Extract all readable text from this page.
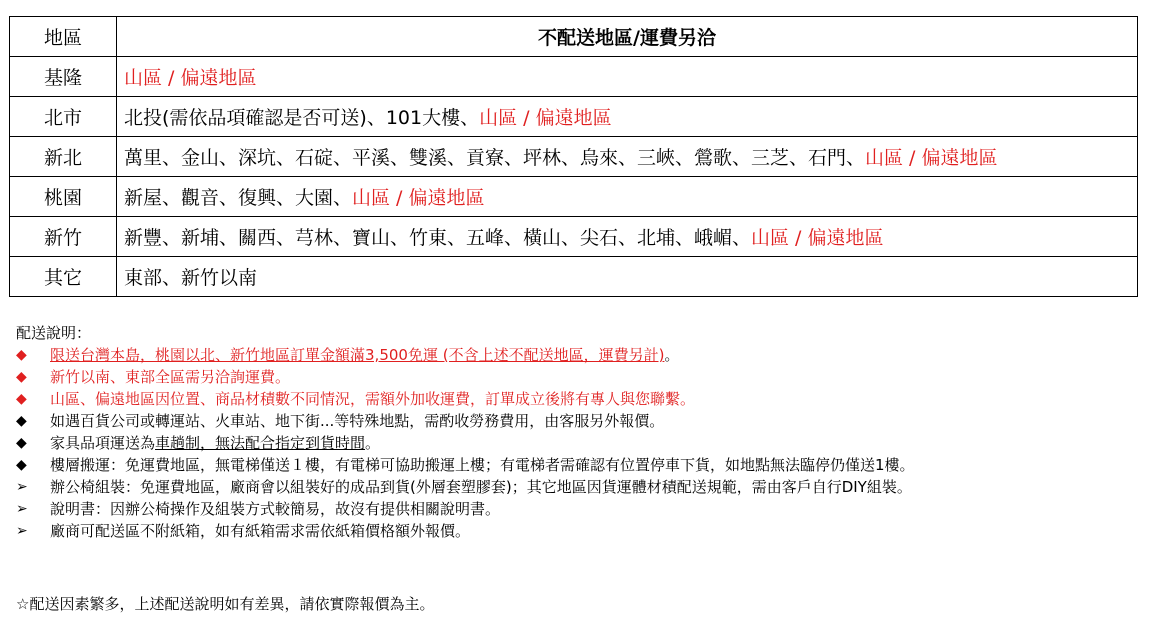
地區	不配送地區/運費另洽
基隆	山區 / 偏遠地區
北市	北投(需依品項確認是否可送)、101大樓、山區 / 偏遠地區
新北	萬里、金山、深坑、石碇、平溪、雙溪、貢寮、坪林、烏來、三峽、鶯歌、三芝、石門、山區 / 偏遠地區
桃園	新屋、觀音、復興、大園、山區 / 偏遠地區
新竹	新豐、新埔、關西、芎林、寶山、竹東、五峰、橫山、尖石、北埔、峨嵋、山區 / 偏遠地區
其它	東部、新竹以南
配送說明：
◆	限送台灣本島，桃園以北、新竹地區訂單金額滿3,500免運 (不含上述不配送地區，運費另計) 。
◆	新竹以南、東部全區需另洽詢運費。
◆	山區、偏遠地區因位置、商品材積數不同情況，需額外加收運費，訂單成立後將有專人與您聯繫。
◆	如遇百貨公司或轉運站、火車站、地下街...等特殊地點，需酌收勞務費用，由客服另外報價。
◆	家具品項運送為 車趟制，無法配合指定到貨時間 。
◆	樓層搬運：免運費地區，無電梯僅送１樓，有電梯可協助搬運上樓；有電梯者需確認有位置停車下貨，如地點無法臨停仍僅送1樓。
➢	辦公椅組裝：免運費地區，廠商會以組裝好的成品到貨(外層套塑膠套)；其它地區因貨運體材積配送規範，需由客戶自行DIY組裝。
➢	說明書：因辦公椅操作及組裝方式較簡易，故沒有提供相關說明書。
➢	廠商可配送區不附紙箱，如有紙箱需求需依紙箱價格額外報價。
☆配送因素繁多，上述配送說明如有差異，請依實際報價為主。
